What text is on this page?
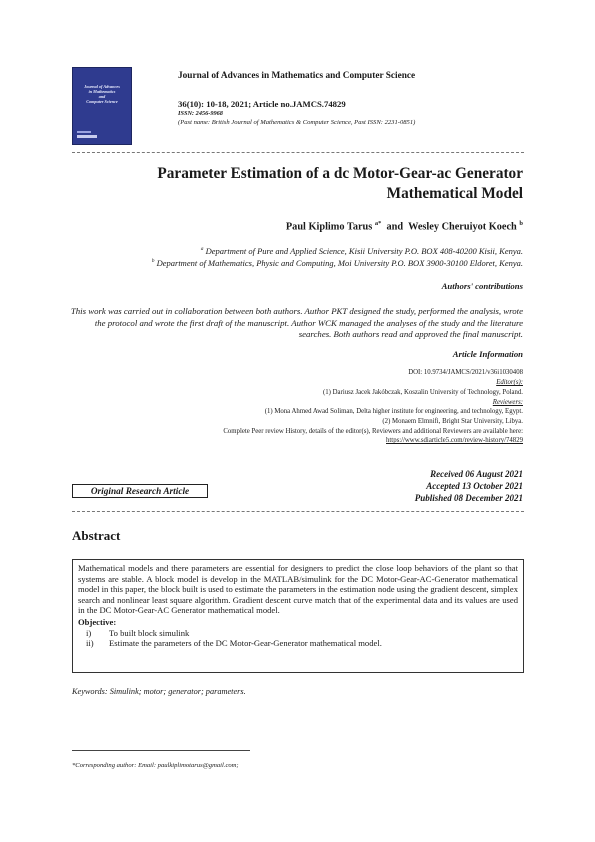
Journal of Advances
in Mathematics
and
Computer Science
Journal of Advances in Mathematics and Computer Science
36(10): 10-18, 2021; Article no.JAMCS.74829
ISSN: 2456-9968
(Past name: British Journal of Mathematics & Computer Science, Past ISSN: 2231-0851)
Parameter Estimation of a dc Motor-Gear-ac Generator
Mathematical Model
Paul Kiplimo Tarus $^{a*}$  and  Wesley Cheruiyot Koech $^b$
$^a$ Department of Pure and Applied Science, Kisii University P.O. BOX 408-40200 Kisii, Kenya.
$^b$ Department of Mathematics, Physic and Computing, Moi University P.O. BOX 3900-30100 Eldoret, Kenya.
Authors' contributions
This work was carried out in collaboration between both authors. Author PKT designed the study, performed the analysis, wrote the protocol and wrote the first draft of the manuscript. Author WCK managed the analyses of the study and the literature searches. Both authors read and approved the final manuscript.
Article Information
DOI: 10.9734/JAMCS/2021/v36i1030408
Editor(s):
(1) Dariusz Jacek Jakóbczak, Koszalin University of Technology, Poland.
Reviewers:
(1) Mona Ahmed Awad Soliman, Delta higher institute for engineering, and technology, Egypt.
(2) Monaem Elmnifi, Bright Star University, Libya.
Complete Peer review History, details of the editor(s), Reviewers and additional Reviewers are available here:
https://www.sdiarticle5.com/review-history/74829
Received 06 August 2021
Accepted 13 October 2021
Published 08 December 2021
Original Research Article
Abstract
Mathematical models and there parameters are essential for designers to predict the close loop behaviors of the plant so that systems are stable. A block model is develop in the MATLAB/simulink for the DC Motor-Gear-AC-Generator mathematical model in this paper, the block built is used to estimate the parameters in the estimation node using the gradient descent, simplex search and nonlinear least square algorithm. Gradient descent curve match that of the experimental data and its values are used in the DC Motor-Gear-AC Generator mathematical model.
Objective:
i)	To built block simulink
ii)	Estimate the parameters of the DC Motor-Gear-Generator mathematical model.
Keywords: Simulink; motor; generator; parameters.
*Corresponding author: Email: paulkiplimotarus@gmail.com;
